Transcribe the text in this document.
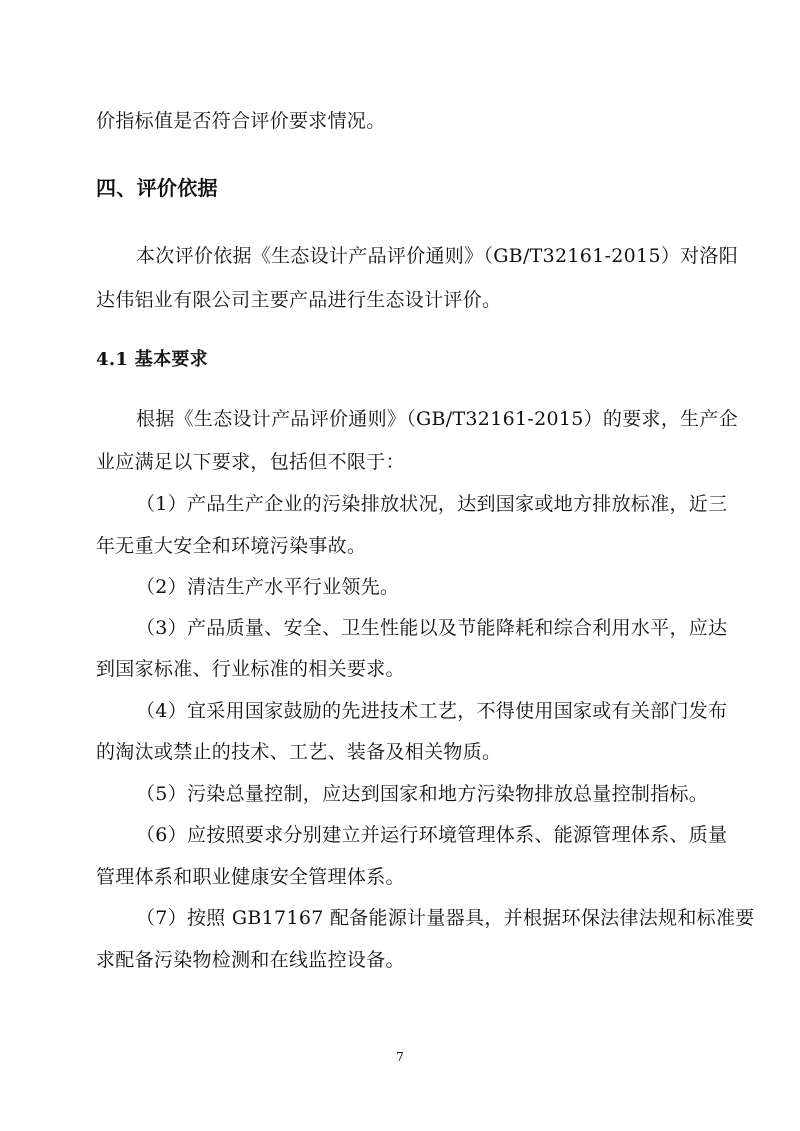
价指标值是否符合评价要求情况。
四、评价依据
本次评价依据《生态设计产品评价通则》（GB/T32161-2015）对洛阳
达伟铝业有限公司主要产品进行生态设计评价。
4.1 基本要求
根据《生态设计产品评价通则》（GB/T32161-2015）的要求，生产企
业应满足以下要求，包括但不限于：
（1）产品生产企业的污染排放状况，达到国家或地方排放标准，近三
年无重大安全和环境污染事故。
（2）清洁生产水平行业领先。
（3）产品质量、安全、卫生性能以及节能降耗和综合利用水平，应达
到国家标准、行业标准的相关要求。
（4）宜采用国家鼓励的先进技术工艺，不得使用国家或有关部门发布
的淘汰或禁止的技术、工艺、装备及相关物质。
（5）污染总量控制，应达到国家和地方污染物排放总量控制指标。
（6）应按照要求分别建立并运行环境管理体系、能源管理体系、质量
管理体系和职业健康安全管理体系。
（7）按照 GB17167 配备能源计量器具，并根据环保法律法规和标准要
求配备污染物检测和在线监控设备。
7
